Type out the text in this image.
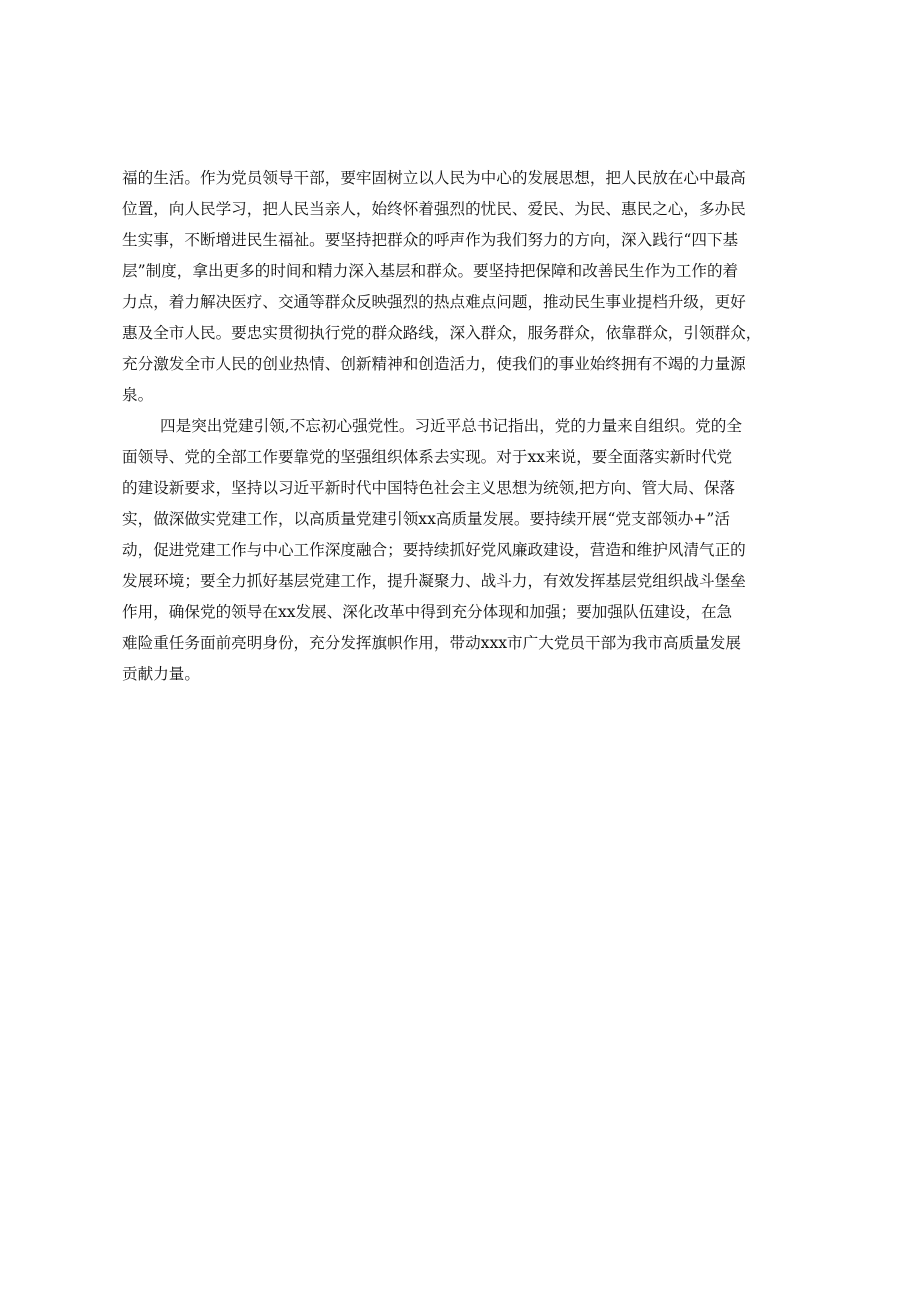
福的生活。作为党员领导干部，要牢固树立以人民为中心的发展思想，把人民放在心中最高
位置，向人民学习，把人民当亲人，始终怀着强烈的忧民、爱民、为民、惠民之心，多办民
生实事，不断增进民生福祉。要坚持把群众的呼声作为我们努力的方向，深入践行“四下基
层”制度，拿出更多的时间和精力深入基层和群众。要坚持把保障和改善民生作为工作的着
力点，着力解决医疗、交通等群众反映强烈的热点难点问题，推动民生事业提档升级，更好
惠及全市人民。要忠实贯彻执行党的群众路线，深入群众，服务群众，依靠群众，引领群众，
充分激发全市人民的创业热情、创新精神和创造活力，使我们的事业始终拥有不竭的力量源
泉。
四是突出党建引领,不忘初心强党性。习近平总书记指出，党的力量来自组织。党的全
面领导、党的全部工作要靠党的坚强组织体系去实现。对于xx来说，要全面落实新时代党
的建设新要求，坚持以习近平新时代中国特色社会主义思想为统领,把方向、管大局、保落
实，做深做实党建工作，以高质量党建引领xx高质量发展。要持续开展“党支部领办+”活
动，促进党建工作与中心工作深度融合；要持续抓好党风廉政建设，营造和维护风清气正的
发展环境；要全力抓好基层党建工作，提升凝聚力、战斗力，有效发挥基层党组织战斗堡垒
作用，确保党的领导在xx发展、深化改革中得到充分体现和加强；要加强队伍建设，在急
难险重任务面前亮明身份，充分发挥旗帜作用，带动xxx市广大党员干部为我市高质量发展
贡献力量。
